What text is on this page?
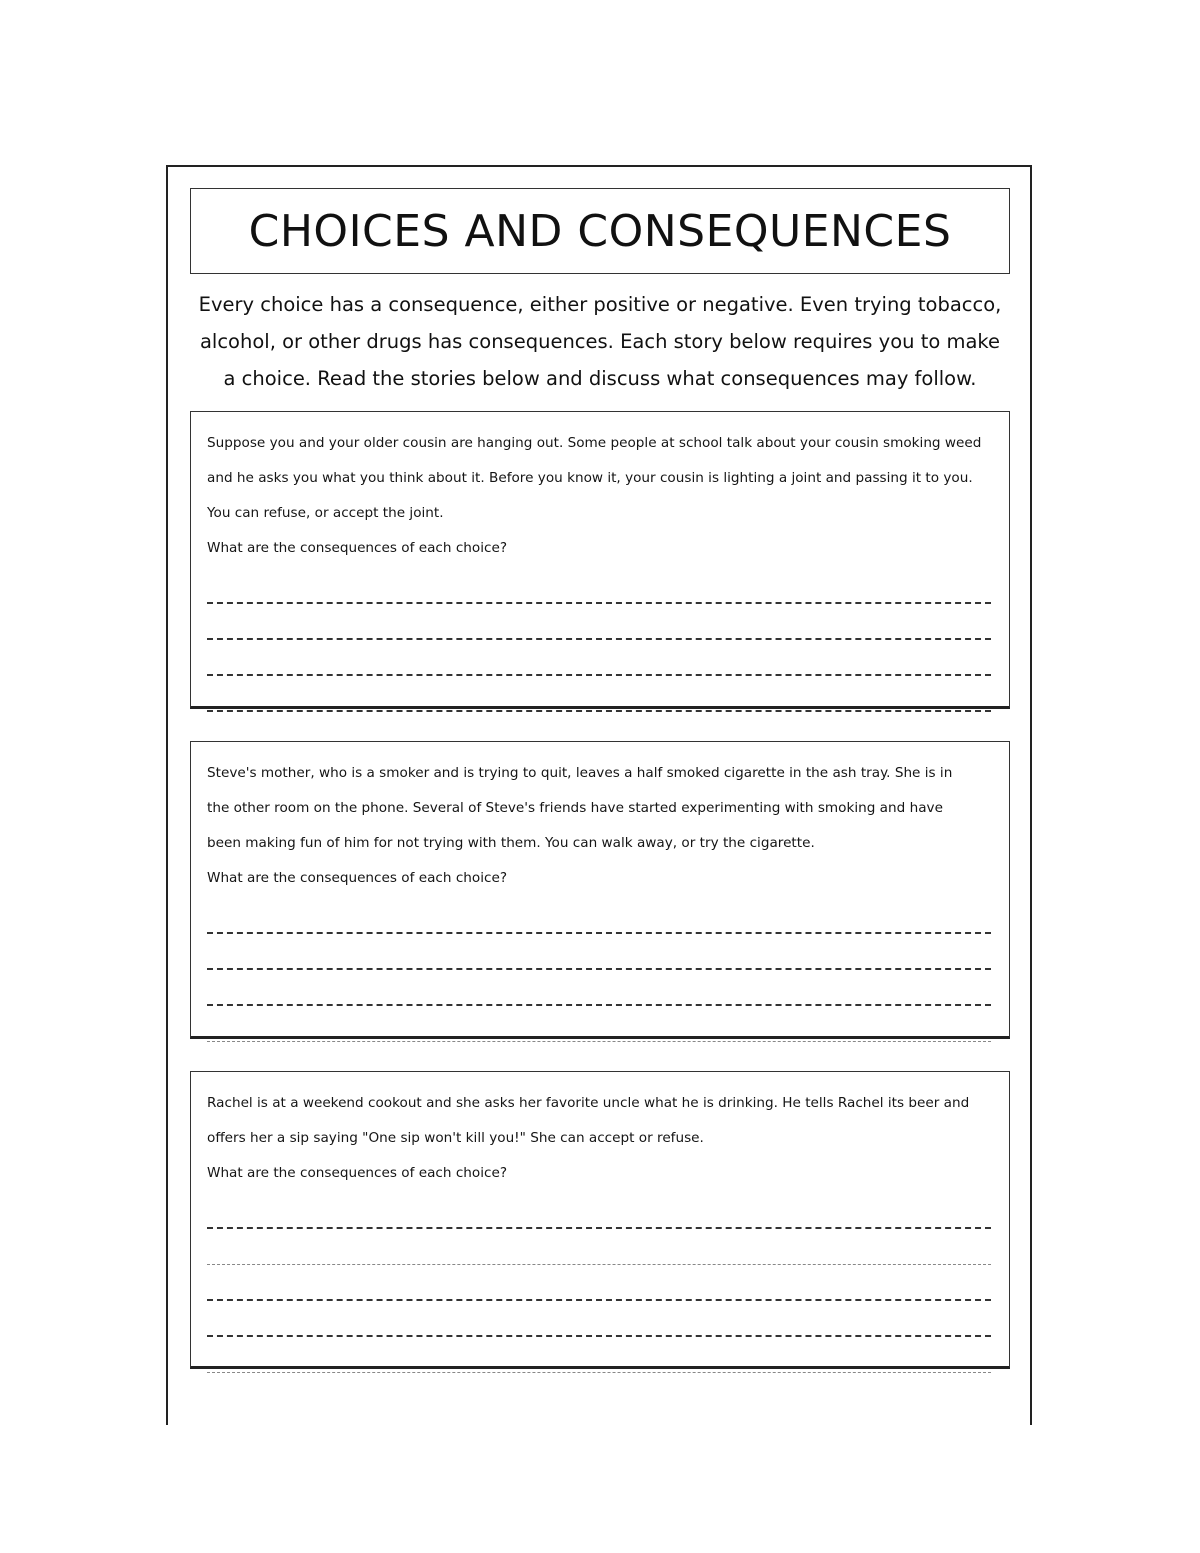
CHOICES AND CONSEQUENCES
Every choice has a consequence, either positive or negative. Even trying tobacco, alcohol, or other drugs has consequences. Each story below requires you to make a choice. Read the stories below and discuss what consequences may follow.

Suppose you and your older cousin are hanging out. Some people at school talk about your cousin smoking weed

and he asks you what you think about it. Before you know it, your cousin is lighting a joint and passing it to you.

You can refuse, or accept the joint.

What are the consequences of each choice?

Steve's mother, who is a smoker and is trying to quit, leaves a half smoked cigarette in the ash tray. She is in

the other room on the phone. Several of Steve's friends have started experimenting with smoking and have

been making fun of him for not trying with them. You can walk away, or try the cigarette.

What are the consequences of each choice?

Rachel is at a weekend cookout and she asks her favorite uncle what he is drinking. He tells Rachel its beer and

offers her a sip saying "One sip won't kill you!" She can accept or refuse.

What are the consequences of each choice?
